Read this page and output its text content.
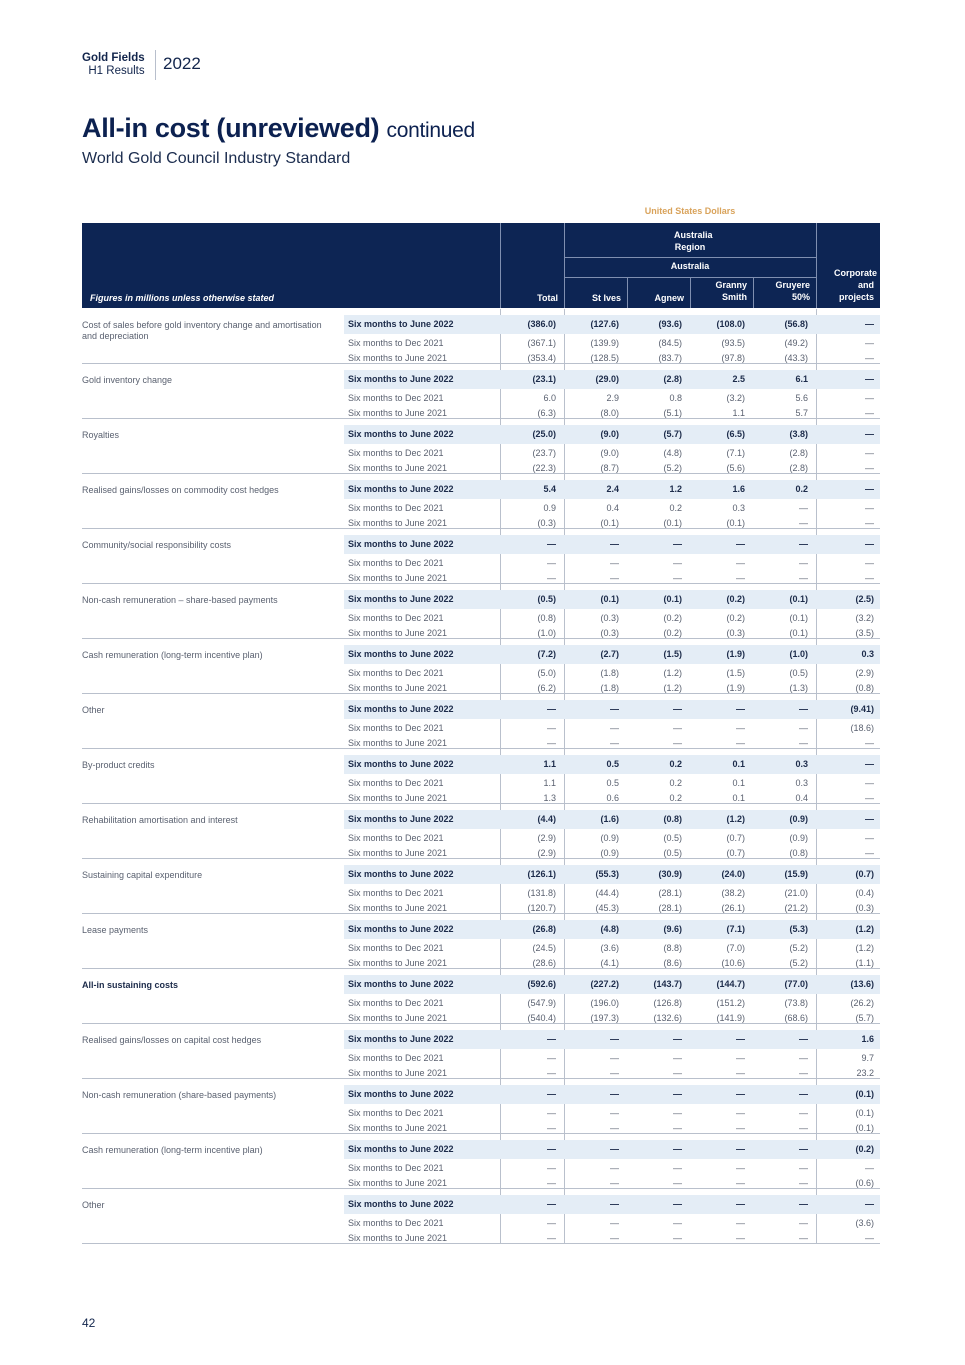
Gold Fields
H1 Results 2022
All-in cost (unreviewed) continued
World Gold Council Industry Standard
United States Dollars
Figures in millions unless otherwise stated
Australia Region
Australia
Total	St Ives	Agnew
Granny Smith
Gruyere 50%
Corporate and projects
Cost of sales before gold inventory change and amortisation and depreciation
Six months to June 2022	(386.0)	(127.6)	(93.6)	(108.0)	(56.8)	—
Six months to Dec 2021	(367.1)	(139.9)	(84.5)	(93.5)	(49.2)	—
Six months to June 2021	(353.4)	(128.5)	(83.7)	(97.8)	(43.3)	—
Gold inventory change	Six months to June 2022	(23.1)	(29.0)	(2.8)	2.5	6.1	—
Six months to Dec 2021	6.0	2.9	0.8	(3.2)	5.6	—
Six months to June 2021	(6.3)	(8.0)	(5.1)	1.1	5.7	—
Royalties	Six months to June 2022	(25.0)	(9.0)	(5.7)	(6.5)	(3.8)	—
Six months to Dec 2021	(23.7)	(9.0)	(4.8)	(7.1)	(2.8)	—
Six months to June 2021	(22.3)	(8.7)	(5.2)	(5.6)	(2.8)	—
Realised gains/losses on commodity cost hedges	Six months to June 2022	5.4	2.4	1.2	1.6	0.2	—
Six months to Dec 2021	0.9	0.4	0.2	0.3	—	—
Six months to June 2021	(0.3)	(0.1)	(0.1)	(0.1)	—	—
Community/social responsibility costs	Six months to June 2022	—	—	—	—	—	—
Six months to Dec 2021	—	—	—	—	—	—
Six months to June 2021	—	—	—	—	—	—
Non-cash remuneration – share-based payments	Six months to June 2022	(0.5)	(0.1)	(0.1)	(0.2)	(0.1)	(2.5)
Six months to Dec 2021	(0.8)	(0.3)	(0.2)	(0.2)	(0.1)	(3.2)
Six months to June 2021	(1.0)	(0.3)	(0.2)	(0.3)	(0.1)	(3.5)
Cash remuneration (long-term incentive plan)	Six months to June 2022	(7.2)	(2.7)	(1.5)	(1.9)	(1.0)	0.3
Six months to Dec 2021	(5.0)	(1.8)	(1.2)	(1.5)	(0.5)	(2.9)
Six months to June 2021	(6.2)	(1.8)	(1.2)	(1.9)	(1.3)	(0.8)
Other	Six months to June 2022	—	—	—	—	—	(9.41)
Six months to Dec 2021	—	—	—	—	—	(18.6)
Six months to June 2021	—	—	—	—	—	—
By-product credits	Six months to June 2022	1.1	0.5	0.2	0.1	0.3	—
Six months to Dec 2021	1.1	0.5	0.2	0.1	0.3	—
Six months to June 2021	1.3	0.6	0.2	0.1	0.4	—
Rehabilitation amortisation and interest	Six months to June 2022	(4.4)	(1.6)	(0.8)	(1.2)	(0.9)	—
Six months to Dec 2021	(2.9)	(0.9)	(0.5)	(0.7)	(0.9)	—
Six months to June 2021	(2.9)	(0.9)	(0.5)	(0.7)	(0.8)	—
Sustaining capital expenditure	Six months to June 2022	(126.1)	(55.3)	(30.9)	(24.0)	(15.9)	(0.7)
Six months to Dec 2021	(131.8)	(44.4)	(28.1)	(38.2)	(21.0)	(0.4)
Six months to June 2021	(120.7)	(45.3)	(28.1)	(26.1)	(21.2)	(0.3)
Lease payments	Six months to June 2022	(26.8)	(4.8)	(9.6)	(7.1)	(5.3)	(1.2)
Six months to Dec 2021	(24.5)	(3.6)	(8.8)	(7.0)	(5.2)	(1.2)
Six months to June 2021	(28.6)	(4.1)	(8.6)	(10.6)	(5.2)	(1.1)
All-in sustaining costs	Six months to June 2022	(592.6)	(227.2)	(143.7)	(144.7)	(77.0)	(13.6)
Six months to Dec 2021	(547.9)	(196.0)	(126.8)	(151.2)	(73.8)	(26.2)
Six months to June 2021	(540.4)	(197.3)	(132.6)	(141.9)	(68.6)	(5.7)
Realised gains/losses on capital cost hedges	Six months to June 2022	—	—	—	—	—	1.6
Six months to Dec 2021	—	—	—	—	—	9.7
Six months to June 2021	—	—	—	—	—	23.2
Non-cash remuneration (share-based payments)	Six months to June 2022	—	—	—	—	—	(0.1)
Six months to Dec 2021	—	—	—	—	—	(0.1)
Six months to June 2021	—	—	—	—	—	(0.1)
Cash remuneration (long-term incentive plan)	Six months to June 2022	—	—	—	—	—	(0.2)
Six months to Dec 2021	—	—	—	—	—	—
Six months to June 2021	—	—	—	—	—	(0.6)
Other	Six months to June 2022	—	—	—	—	—	—
Six months to Dec 2021	—	—	—	—	—	(3.6)
Six months to June 2021	—	—	—	—	—	—
42
